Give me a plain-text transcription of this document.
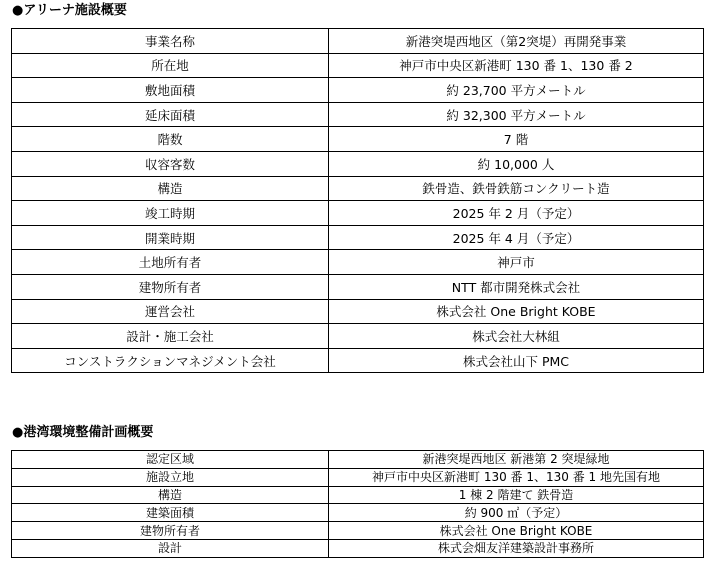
●アリーナ施設概要
事業名称	新港突堤西地区（第2突堤）再開発事業
所在地	神戸市中央区新港町 130 番 1、130 番 2
敷地面積	約 23,700 平方メートル
延床面積	約 32,300 平方メートル
階数	7 階
収容客数	約 10,000 人
構造	鉄骨造、鉄骨鉄筋コンクリート造
竣工時期	2025 年 2 月（予定）
開業時期	2025 年 4 月（予定）
土地所有者	神戸市
建物所有者	NTT 都市開発株式会社
運営会社	株式会社 One Bright KOBE
設計・施工会社	株式会社大林組
コンストラクションマネジメント会社	株式会社山下 PMC
●港湾環境整備計画概要
認定区域	新港突堤西地区 新港第 2 突堤緑地
施設立地	神戸市中央区新港町 130 番 1、130 番 1 地先国有地
構造	1 棟 2 階建て 鉄骨造
建築面積	約 900 ㎡（予定）
建物所有者	株式会社 One Bright KOBE
設計	株式会畑友洋建築設計事務所
